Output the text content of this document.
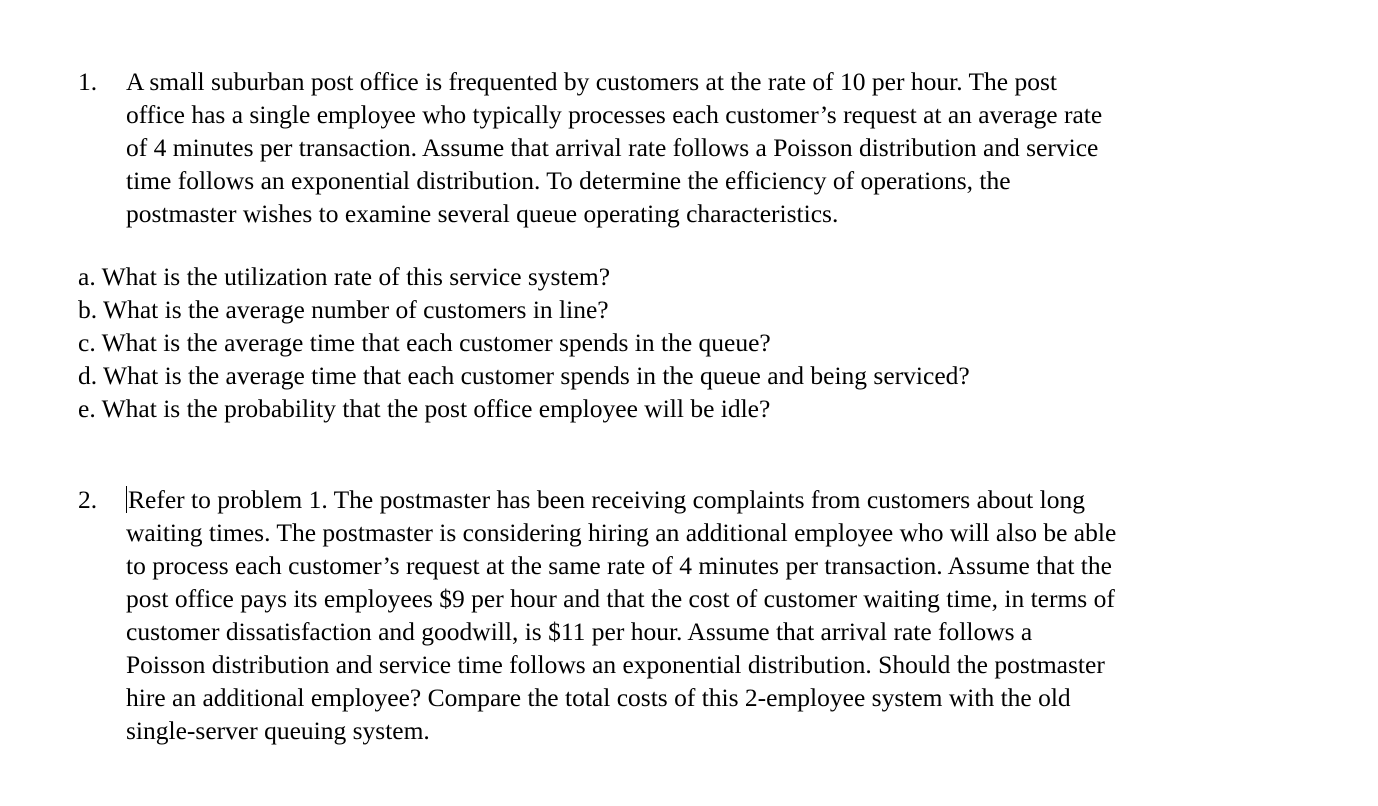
1.	A small suburban post office is frequented by customers at the rate of 10 per hour. The post
office has a single employee who typically processes each customer’s request at an average rate
of 4 minutes per transaction. Assume that arrival rate follows a Poisson distribution and service
time follows an exponential distribution. To determine the efficiency of operations, the
postmaster wishes to examine several queue operating characteristics.
a. What is the utilization rate of this service system?
b. What is the average number of customers in line?
c. What is the average time that each customer spends in the queue?
d. What is the average time that each customer spends in the queue and being serviced?
e. What is the probability that the post office employee will be idle?
2.	Refer to problem 1. The postmaster has been receiving complaints from customers about long
waiting times. The postmaster is considering hiring an additional employee who will also be able
to process each customer’s request at the same rate of 4 minutes per transaction. Assume that the
post office pays its employees $9 per hour and that the cost of customer waiting time, in terms of
customer dissatisfaction and goodwill, is $11 per hour. Assume that arrival rate follows a
Poisson distribution and service time follows an exponential distribution. Should the postmaster
hire an additional employee? Compare the total costs of this 2-employee system with the old
single-server queuing system.
